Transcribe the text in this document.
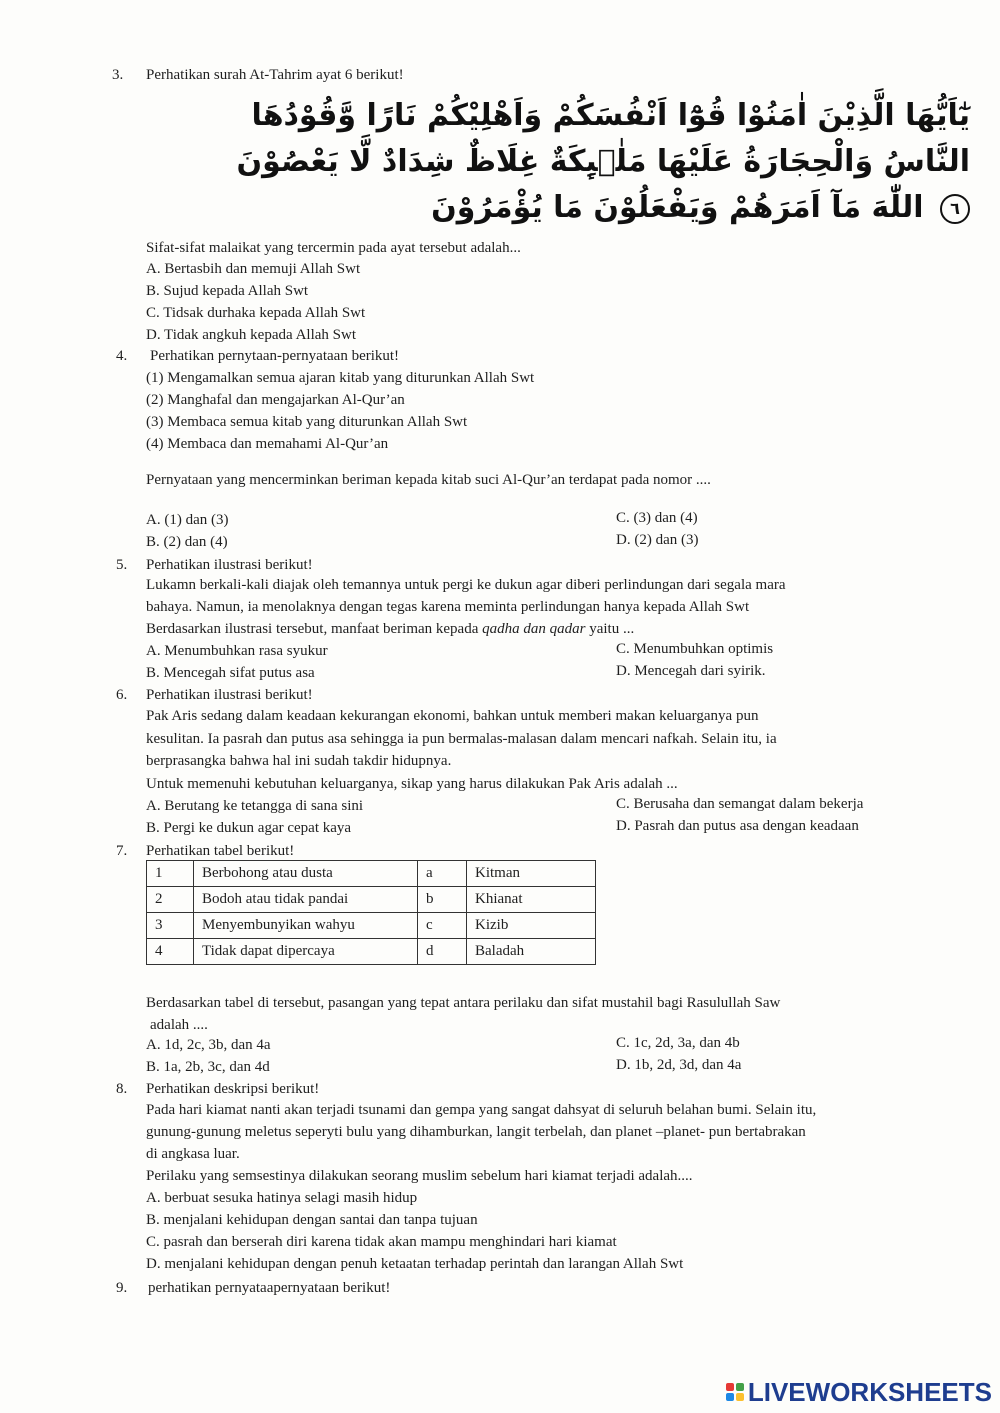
3. Perhatikan surah At-Tahrim ayat 6 berikut!
يٰٓاَيُّهَا الَّذِيْنَ اٰمَنُوْا قُوْٓا اَنْفُسَكُمْ وَاَهْلِيْكُمْ نَارًا وَّقُوْدُهَا
النَّاسُ وَالْحِجَارَةُ عَلَيْهَا مَلٰۤىِٕكَةٌ غِلَاظٌ شِدَادٌ لَّا يَعْصُوْنَ
٦ اللّٰهَ مَآ اَمَرَهُمْ وَيَفْعَلُوْنَ مَا يُؤْمَرُوْنَ
Sifat-sifat malaikat yang tercermin pada ayat tersebut adalah...
A. Bertasbih dan memuji Allah Swt
B. Sujud kepada Allah Swt
C. Tidsak durhaka kepada Allah Swt
D. Tidak angkuh kepada Allah Swt
4. Perhatikan pernytaan-pernyataan berikut!
(1) Mengamalkan semua ajaran kitab yang diturunkan Allah Swt
(2) Manghafal dan mengajarkan Al-Qur’an
(3) Membaca semua kitab yang diturunkan Allah Swt
(4) Membaca dan memahami Al-Qur’an
Pernyataan yang mencerminkan beriman kepada kitab suci Al-Qur’an terdapat pada nomor ....
A. (1) dan (3)
B. (2) dan (4)
C. (3) dan (4)
D. (2) dan (3)
5. Perhatikan ilustrasi berikut!
Lukamn berkali-kali diajak oleh temannya untuk pergi ke dukun agar diberi perlindungan dari segala mara
bahaya. Namun, ia menolaknya dengan tegas karena meminta perlindungan hanya kepada Allah Swt
Berdasarkan ilustrasi tersebut, manfaat beriman kepada qadha dan qadar yaitu ...
A. Menumbuhkan rasa syukur
B. Mencegah sifat putus asa
C. Menumbuhkan optimis
D. Mencegah dari syirik.
6. Perhatikan ilustrasi berikut!
Pak Aris sedang dalam keadaan kekurangan ekonomi, bahkan untuk memberi makan keluarganya pun
kesulitan. Ia pasrah dan putus asa sehingga ia pun bermalas-malasan dalam mencari nafkah. Selain itu, ia
berprasangka bahwa hal ini sudah takdir hidupnya.
Untuk memenuhi kebutuhan keluarganya, sikap yang harus dilakukan Pak Aris adalah ...
A. Berutang ke tetangga di sana sini
B. Pergi ke dukun agar cepat kaya
C. Berusaha dan semangat dalam bekerja
D. Pasrah dan putus asa dengan keadaan
7. Perhatikan tabel berikut!
1	Berbohong atau dusta	a	Kitman
2	Bodoh atau tidak pandai	b	Khianat
3	Menyembunyikan wahyu	c	Kizib
4	Tidak dapat dipercaya	d	Baladah
Berdasarkan tabel di tersebut, pasangan yang tepat antara perilaku dan sifat mustahil bagi Rasulullah Saw
adalah ....
A. 1d, 2c, 3b, dan 4a
B. 1a, 2b, 3c, dan 4d
C. 1c, 2d, 3a, dan 4b
D. 1b, 2d, 3d, dan 4a
8. Perhatikan deskripsi berikut!
Pada hari kiamat nanti akan terjadi tsunami dan gempa yang sangat dahsyat di seluruh belahan bumi. Selain itu,
gunung-gunung meletus seperyti bulu yang dihamburkan, langit terbelah, dan planet –planet- pun bertabrakan
di angkasa luar.
Perilaku yang semsestinya dilakukan seorang muslim sebelum hari kiamat terjadi adalah....
A. berbuat sesuka hatinya selagi masih hidup
B. menjalani kehidupan dengan santai dan tanpa tujuan
C. pasrah dan berserah diri karena tidak akan mampu menghindari hari kiamat
D. menjalani kehidupan dengan penuh ketaatan terhadap perintah dan larangan Allah Swt
9. perhatikan pernyataapernyataan berikut!
LIVEWORKSHEETS
